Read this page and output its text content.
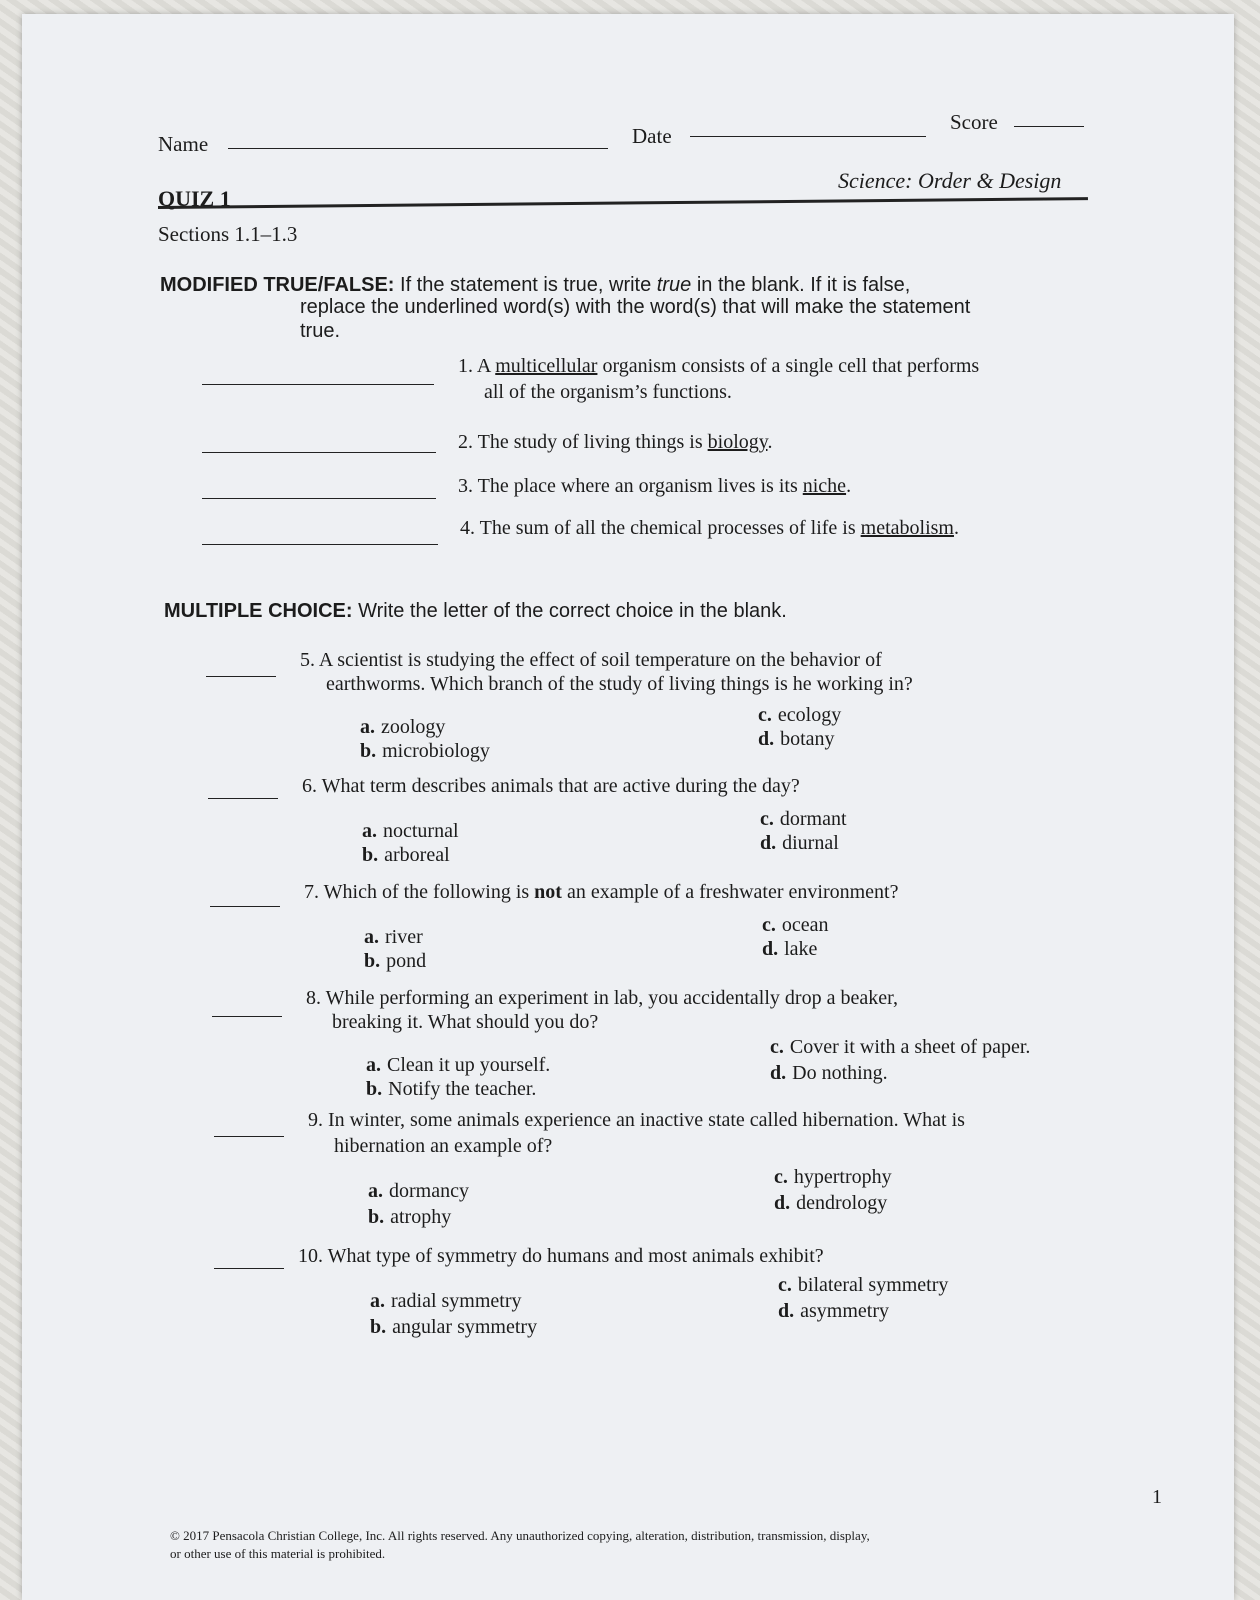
Name	Date
Score
QUIZ 1
Science: Order & Design
Sections 1.1–1.3
MODIFIED TRUE/FALSE: If the statement is true, write true in the blank. If it is false,
replace the underlined word(s) with the word(s) that will make the statement
true.
1. A multicellular organism consists of a single cell that performs
all of the organism’s functions.
2. The study of living things is biology.
3. The place where an organism lives is its niche.
4. The sum of all the chemical processes of life is metabolism.
MULTIPLE CHOICE: Write the letter of the correct choice in the blank.
5. A scientist is studying the effect of soil temperature on the behavior of
earthworms. Which branch of the study of living things is he working in?
a. zoology
b. microbiology
c. ecology
d. botany
6. What term describes animals that are active during the day?
a. nocturnal
b. arboreal
c. dormant
d. diurnal
7. Which of the following is not an example of a freshwater environment?
a. river
b. pond
c. ocean
d. lake
8. While performing an experiment in lab, you accidentally drop a beaker,
breaking it. What should you do?
a. Clean it up yourself.
b. Notify the teacher.
c. Cover it with a sheet of paper.
d. Do nothing.
9. In winter, some animals experience an inactive state called hibernation. What is
hibernation an example of?
a. dormancy
b. atrophy
c. hypertrophy
d. dendrology
10. What type of symmetry do humans and most animals exhibit?
a. radial symmetry
b. angular symmetry
c. bilateral symmetry
d. asymmetry
© 2017 Pensacola Christian College, Inc. All rights reserved. Any unauthorized copying, alteration, distribution, transmission, display,
or other use of this material is prohibited.
1
